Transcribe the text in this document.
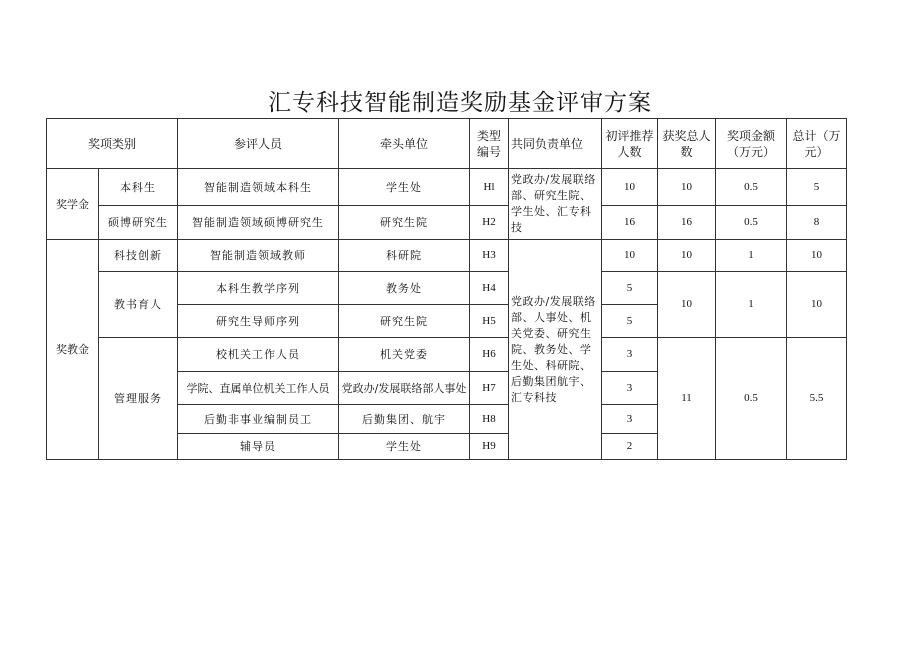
汇专科技智能制造奖励基金评审方案
奖项类别		参评人员	牵头单位	类型编号	共同负责单位	初评推荐人数	获奖总人数	奖项金额（万元）	总计（万元）
奖学金	本科生	智能制造领域本科生	学生处	Hl	党政办/发展联络部、研究生院、学生处、汇专科技	10	10	0.5	5
	硕博研究生	智能制造领域硕博研究生	研究生院	H2		16	16	0.5	8
奖教金	科技创新	智能制造领域教师	科研院	H3	党政办/发展联络部、人事处、机关党委、研究生院、教务处、学生处、科研院、后勤集团航宇、汇专科技	10	10	1	10
	教书育人	本科生教学序列	教务处	H4		5	10	1	10
		研究生导师序列	研究生院	H5		5			
	管理服务	校机关工作人员	机关党委	H6		3	11	0.5	5.5
		学院、直属单位机关工作人员	党政办/发展联络部人事处	H7		3			
		后勤非事业编制员工	后勤集团、航宇	H8		3			
		辅导员	学生处	H9		2			
